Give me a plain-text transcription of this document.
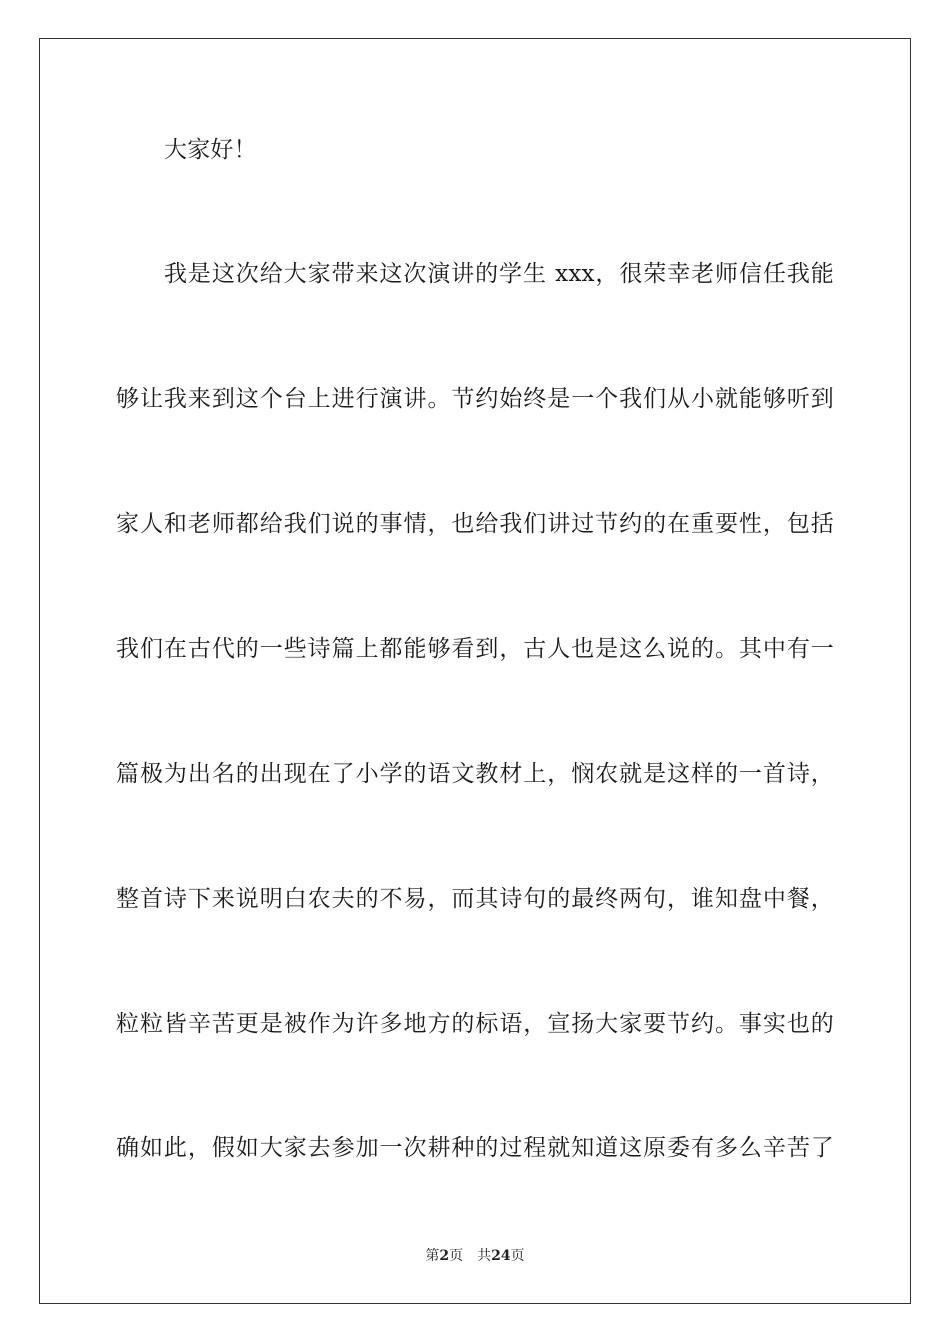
大家好！
我是这次给大家带来这次演讲的学生 xxx，很荣幸老师信任我能
够让我来到这个台上进行演讲。节约始终是一个我们从小就能够听到
家人和老师都给我们说的事情，也给我们讲过节约的在重要性，包括
我们在古代的一些诗篇上都能够看到，古人也是这么说的。其中有一
篇极为出名的出现在了小学的语文教材上，悯农就是这样的一首诗，
整首诗下来说明白农夫的不易，而其诗句的最终两句，谁知盘中餐，
粒粒皆辛苦更是被作为许多地方的标语，宣扬大家要节约。事实也的
确如此，假如大家去参加一次耕种的过程就知道这原委有多么辛苦了
第2页 共24页
